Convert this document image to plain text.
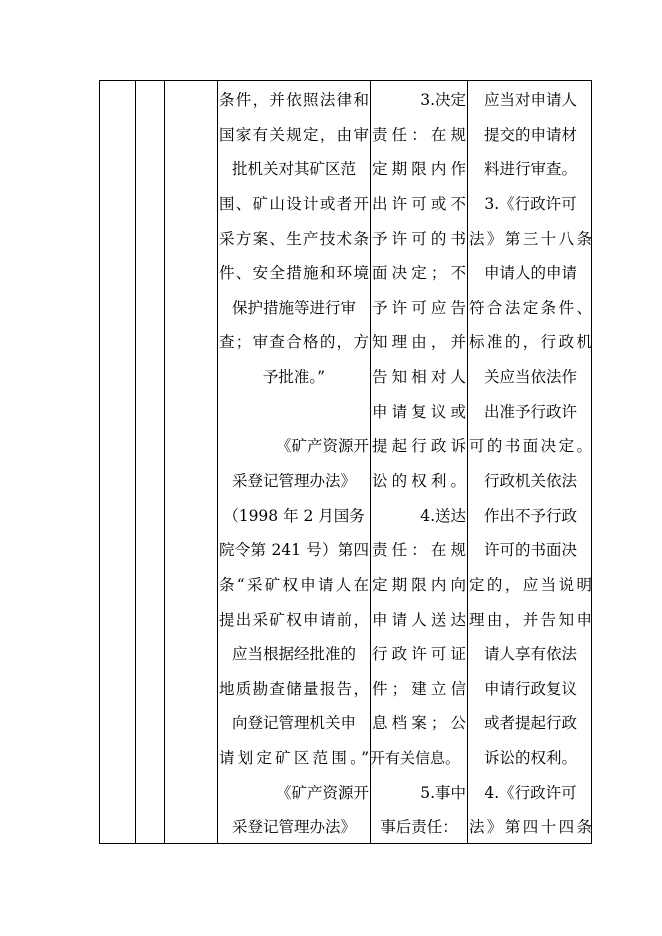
条件，并依照法律和
国家有关规定，由审
批机关对其矿区范
围、矿山设计或者开
采方案、生产技术条
件、安全措施和环境
保护措施等进行审
查；审查合格的，方
予批准。”
《矿产资源开
采登记管理办法》
（1998 年 2 月国务
院令第 241 号）第四
条“采矿权申请人在
提出采矿权申请前，
应当根据经批准的
地质勘查储量报告，
向登记管理机关申
请划定矿区范围。”
《矿产资源开
采登记管理办法》
3.决定
责任：在规
定期限内作
出许可或不
予许可的书
面决定；不
予许可应告
知理由，并
告知相对人
申请复议或
提起行政诉
讼的权利。
4.送达
责任：在规
定期限内向
申请人送达
行政许可证
件；建立信
息档案；公
开有关信息。
5.事中
事后责任：
应当对申请人
提交的申请材
料进行审查。
3.《行政许可
法》第三十八条
申请人的申请
符合法定条件、
标准的，行政机
关应当依法作
出准予行政许
可的书面决定。
行政机关依法
作出不予行政
许可的书面决
定的，应当说明
理由，并告知申
请人享有依法
申请行政复议
或者提起行政
诉讼的权利。
4.《行政许可
法》第四十四条
